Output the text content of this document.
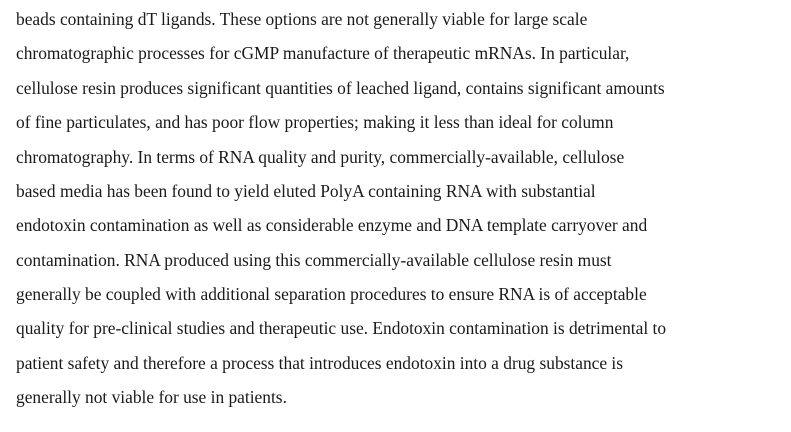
beads containing dT ligands. These options are not generally viable for large scale
chromatographic processes for cGMP manufacture of therapeutic mRNAs. In particular,
cellulose resin produces significant quantities of leached ligand, contains significant amounts
of fine particulates, and has poor flow properties; making it less than ideal for column
chromatography. In terms of RNA quality and purity, commercially-available, cellulose
based media has been found to yield eluted PolyA containing RNA with substantial
endotoxin contamination as well as considerable enzyme and DNA template carryover and
contamination. RNA produced using this commercially-available cellulose resin must
generally be coupled with additional separation procedures to ensure RNA is of acceptable
quality for pre-clinical studies and therapeutic use. Endotoxin contamination is detrimental to
patient safety and therefore a process that introduces endotoxin into a drug substance is
generally not viable for use in patients.
